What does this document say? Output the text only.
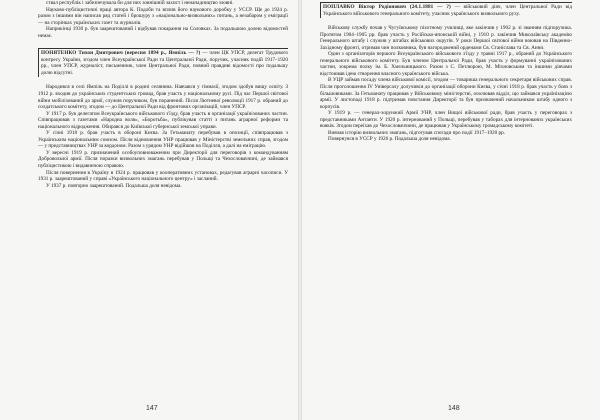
ствал республік і забезпечувала би для них зовнішній захист і ненападництво ззовні.

Науково-публіцистичні праці автора К. Подоби та вплив його наукового доробку у УССР. Ще до 1924 р. разом з іншими він написав ряд статей і брошуру з «національно-визвольних» питань, а незабаром у еміграції — на сторінках українських газет та журналів.

Наприкінці 1930 р. був заарештований і відбував покарання на Соловках. За подальшою долею відомостей немає.

ПОНЯТЕНКО Тихон Дмитрович (вересня 1894 р., Ямпіль — ?) — член ЦК УПСР, делегат Трудового конгресу України, згодом член Всеукраїнської Ради та Центральної Ради, поручик, учасник подій 1917–1920 рр., член УПСР, журналіст, письменник, член Центральної Ради, повний правдиві відомості про подальшу долю відсутні.

Народився в селі Ямпіль на Поділлі в родині селянина. Навчався у гімназії, згодом здобув вищу освіту. З 1912 р. входив до українських студентських громад, брав участь у національному русі. Під час Першої світової війни мобілізований до армії, служив поручиком, був поранений. Після Лютневої революції 1917 р. обраний до солдатського комітету, згодом — до Центральної Ради від фронтових організацій, член УПСР.

У 1917 р. був делегатом Всеукраїнського військового з'їзду, брав участь в організації українізованих частин. Співпрацював з газетами «Народна воля», «Боротьба», публікував статті з питань аграрної реформи та національного відродження. Обирався до Київської губернської земської управи.

У січні 1918 р. брав участь в обороні Києва. За Гетьманату перебував в опозиції, співпрацював з Українським національним союзом. Після відновлення УНР працював у Міністерстві земельних справ, згодом — у представництвах УНР за кордоном. Разом з урядом УНР відійшов на Поділля, а далі на еміграцію.

У вересні 1919 р. призначений особоуповноваженим при Директорії для переговорів з командуванням Добровольчої армії. Після поразки визвольних змагань перебував у Польщі та Чехословаччині, де займався публіцистикою і видавничою справою.

Після повернення в Україну в 1924 р. працював у кооперативних установах, редагував аграрні часописи. У 1931 р. заарештований у справі «Українського національного центру» і засланий.

У 1937 р. повторно заарештований. Подальша доля невідома.

147

ПОПЛАВКО Віктор Родіонович (24.1.1881 — ?) — військовий діяч, член Центральної Ради від Українського військового генерального комітету, учасник українського визвольного руху.

Військову службу почав у Чугуївському піхотному училищі, яке закінчив у 1902 р. зі званням підпоручика. Протягом 1904–1905 рр. брав участь у Російсько-японській війні, у 1910 р. закінчив Миколаївську академію Генерального штабу і служив у штабах військових округів. У роки Першої світової війни воював на Південно-Західному фронті, отримав чин полковника, був нагороджений орденами Св. Станіслава та Св. Анни.

Один з організаторів першого Всеукраїнського військового з'їзду у травні 1917 р., обраний до Українського генерального військового комітету. Був членом Центральної Ради, брав участь у формуванні українізованих частин, зокрема полку ім. Б. Хмельницького. Разом з С. Петлюрою, М. Міхновським та іншими діячами відстоював ідею створення власного українського війська.

В УЦР займав посаду члена військової комісії, згодом — товариша генерального секретаря військових справ. Після проголошення IV Універсалу долучився до організації оборони Києва, у січні 1918 р. брав участь у боях з більшовиками. За Гетьманату працював у Військовому міністерстві, очолював відділ, що займався українізацією армії. У листопаді 1918 р. підтримав повстання Директорії та був призначений начальником штабу одного з корпусів.

У 1919 р. — генерал-хорунжий Армії УНР, член Вищої військової ради, брав участь у переговорах з представниками Антанти. У 1920 р. інтернований у Польщі, перебував у таборах для інтернованих українських вояків. Згодом переїхав до Чехословаччини, де працював у Українському громадському комітеті.

Вивчав історію визвольних змагань, підготував спогади про події 1917–1920 рр.

Повернувся в УССР у 1926 р. Подальша доля невідома.

148
